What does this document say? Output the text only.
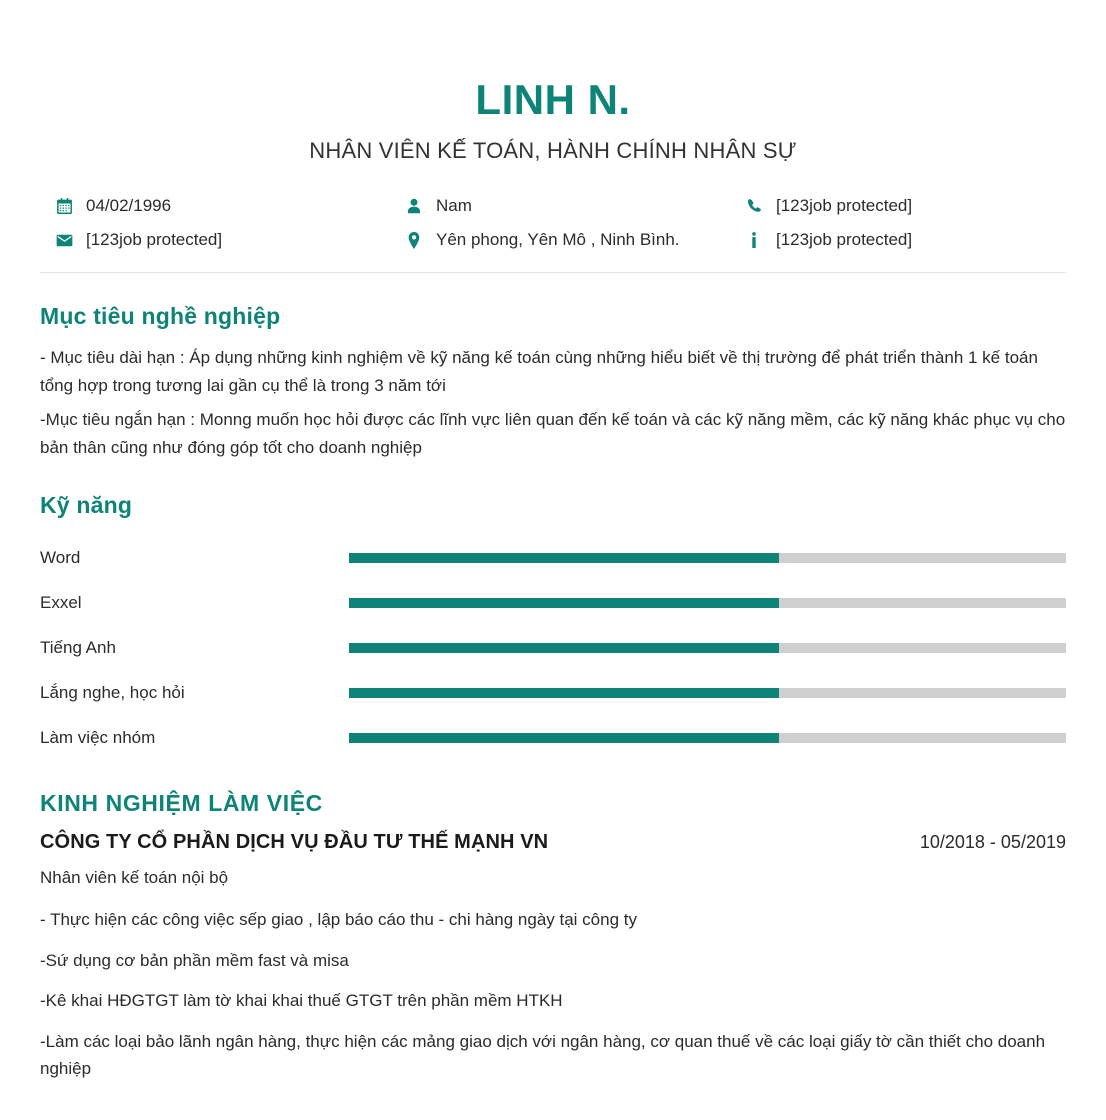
LINH N.
NHÂN VIÊN KẾ TOÁN, HÀNH CHÍNH NHÂN SỰ
04/02/1996	Nam	[123job protected]
[123job protected]	Yên phong, Yên Mô , Ninh Bình.	[123job protected]
Mục tiêu nghề nghiệp

- Mục tiêu dài hạn : Áp dụng những kinh nghiệm về kỹ năng kế toán cùng những hiểu biết về thị trường để phát triển thành 1 kế toán tổng hợp trong tương lai gần cụ thể là trong 3 năm tới

-Mục tiêu ngắn hạn : Monng muốn học hỏi được các lĩnh vực liên quan đến kế toán và các kỹ năng mềm, các kỹ năng khác phục vụ cho bản thân cũng như đóng góp tốt cho doanh nghiệp

Kỹ năng
Word
Exxel
Tiếng Anh
Lắng nghe, học hỏi
Làm việc nhóm
KINH NGHIỆM LÀM VIỆC
CÔNG TY CỔ PHẦN DỊCH VỤ ĐẦU TƯ THẾ MẠNH VN	10/2018 - 05/2019
Nhân viên kế toán nội bộ
- Thực hiện các công việc sếp giao , lập báo cáo thu - chi hàng ngày tại công ty
-Sứ dụng cơ bản phần mềm fast và misa
-Kê khai HĐGTGT làm tờ khai khai thuế GTGT trên phần mềm HTKH
-Làm các loại bảo lãnh ngân hàng, thực hiện các mảng giao dịch với ngân hàng, cơ quan thuế về các loại giấy tờ cần thiết cho doanh nghiệp
